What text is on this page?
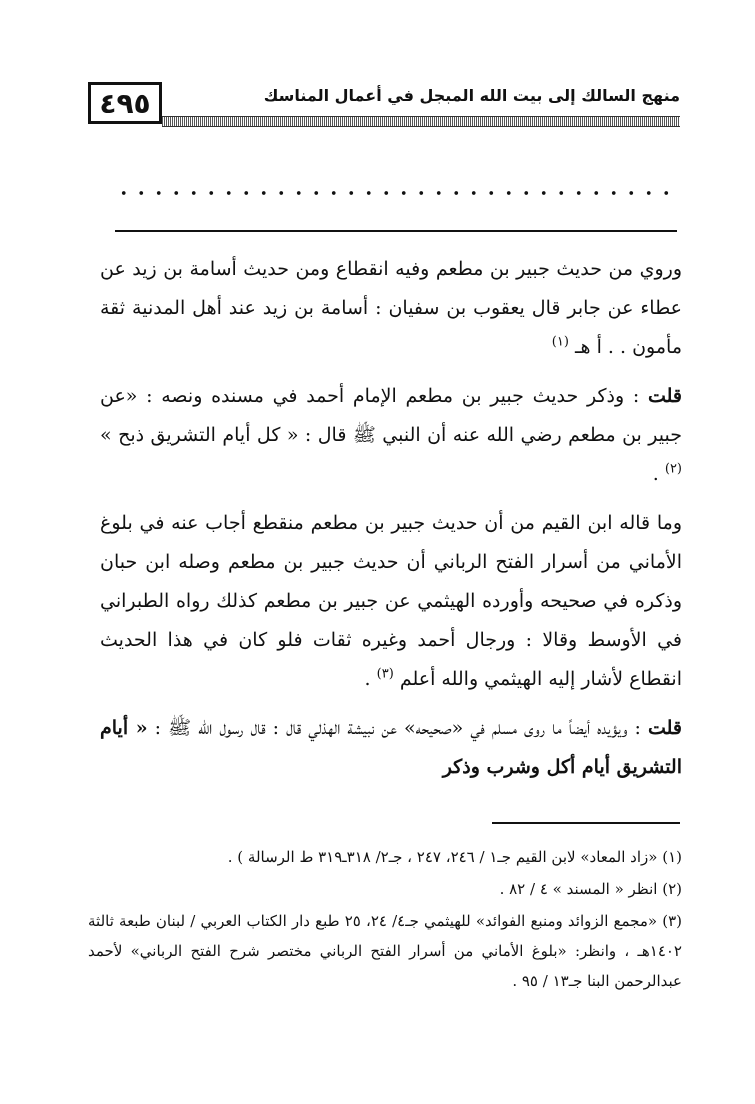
٤٩٥	منهج السالك إلى بيت الله المبجل في أعمال المناسك

وروي من حديث جبير بن مطعم وفيه انقطاع ومن حديث أسامة بن زيد عن عطاء عن جابر قال يعقوب بن سفيان : أسامة بن زيد عند أهل المدنية ثقة مأمون . . أ هـ $^{(١)}$

قلت : وذكر حديث جبير بن مطعم الإمام أحمد في مسنده ونصه : «عن جبير بن مطعم رضي الله عنه أن النبي ﷺ قال : « كل أيام التشريق ذبح » $^{(٢)}$ .

وما قاله ابن القيم من أن حديث جبير بن مطعم منقطع أجاب عنه في بلوغ الأماني من أسرار الفتح الرباني أن حديث جبير بن مطعم وصله ابن حبان وذكره في صحيحه وأورده الهيثمي عن جبير بن مطعم كذلك رواه الطبراني في الأوسط وقالا : ورجال أحمد وغيره ثقات فلو كان في هذا الحديث انقطاع لأشار إليه الهيثمي والله أعلم $^{(٣)}$ .

قلت : ويؤيده أيضاً ما روى مسلم في «صحيحه» عن نبيشة الهذلي قال : قال رسول الله ﷺ : « أيام التشريق أيام أكل وشرب وذكر

(١) «زاد المعاد» لابن القيم جـ١ / ٢٤٦، ٢٤٧ ، جـ٢/ ٣١٨ـ٣١٩ ط الرسالة ) .

(٢) انظر « المسند » ٤ / ٨٢ .

(٣) «مجمع الزوائد ومنبع الفوائد» للهيثمي جـ٤/ ٢٤، ٢٥ طبع دار الكتاب العربي / لبنان طبعة ثالثة ١٤٠٢هـ ، وانظر: «بلوغ الأماني من أسرار الفتح الرباني مختصر شرح الفتح الرباني» لأحمد عبدالرحمن البنا جـ١٣ / ٩٥ .
